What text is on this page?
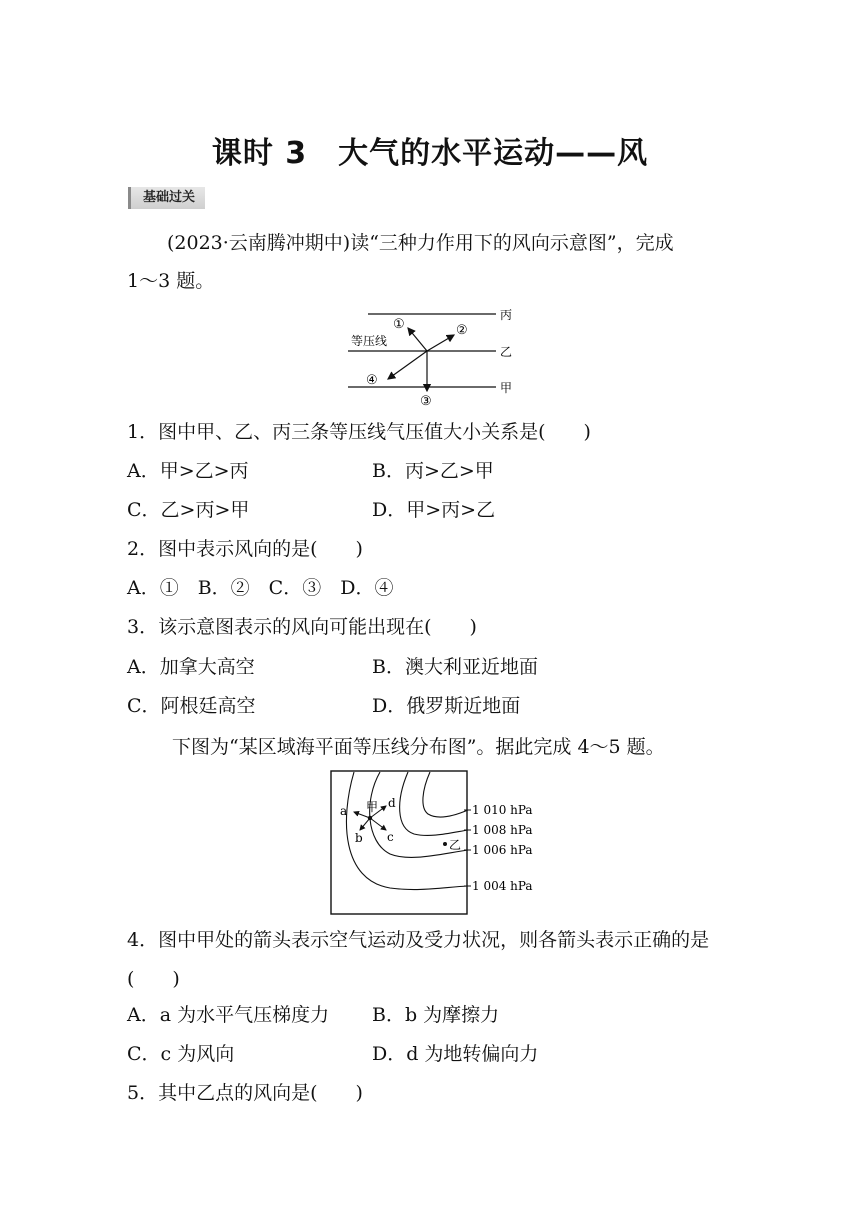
课时 3　大气的水平运动——风
基础过关
(2023·云南腾冲期中)读“三种力作用下的风向示意图”，完成
1～3 题。
等压线
丙
乙
甲
①	②
③
④
1．图中甲、乙、丙三条等压线气压值大小关系是(　　)
A．甲>乙>丙	B．丙>乙>甲
C．乙>丙>甲	D．甲>丙>乙
2．图中表示风向的是(　　)
A．①　B．②　C．③　D．④
3．该示意图表示的风向可能出现在(　　)
A．加拿大高空	B．澳大利亚近地面
C．阿根廷高空	D．俄罗斯近地面
下图为“某区域海平面等压线分布图”。据此完成 4～5 题。
甲
乙
a
b c
d	1 010 hPa
1 008 hPa
1 006 hPa
1 004 hPa
4．图中甲处的箭头表示空气运动及受力状况，则各箭头表示正确的是
(　　)
A．a 为水平气压梯度力 B．b 为摩擦力
C．c 为风向	D．d 为地转偏向力
5．其中乙点的风向是(　　)
